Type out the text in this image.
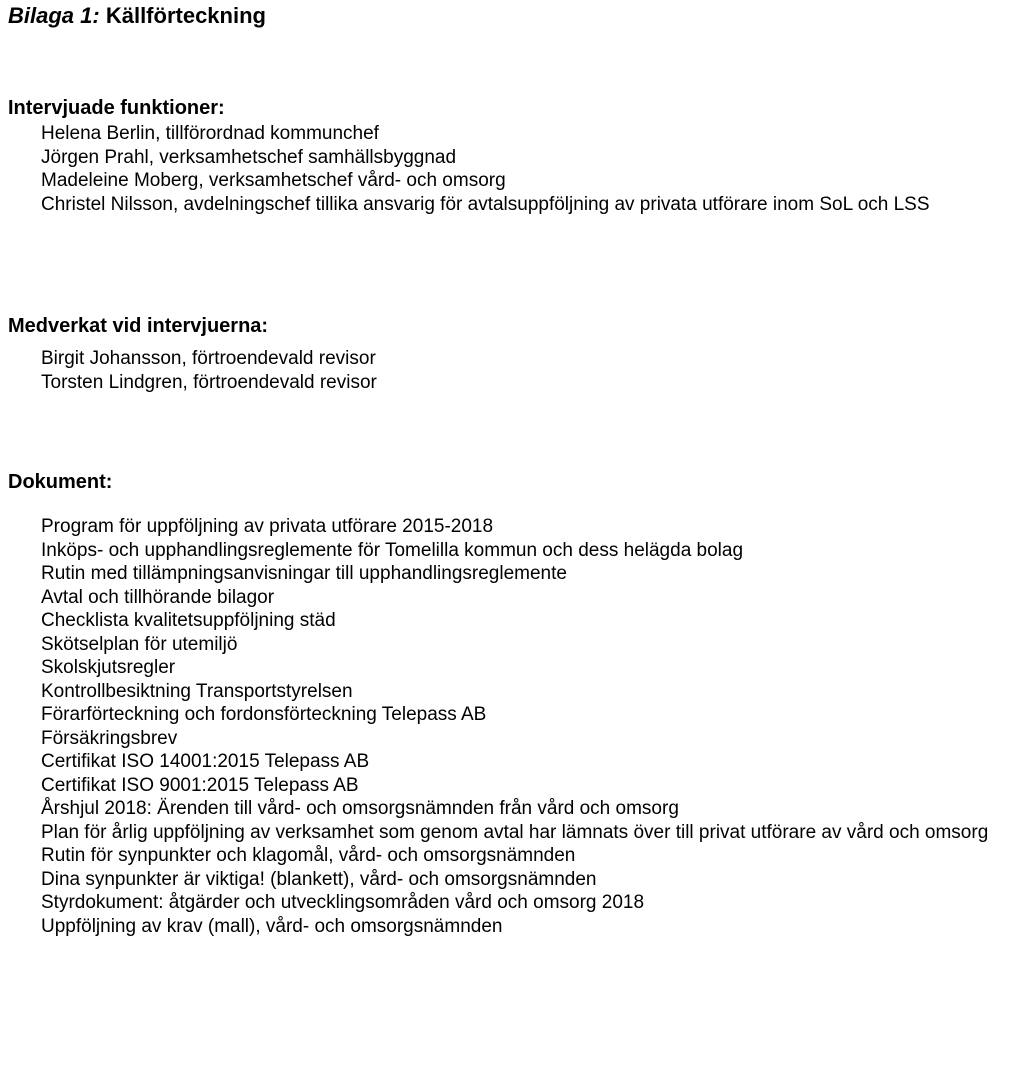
Bilaga 1: Källförteckning
Intervjuade funktioner:
Helena Berlin, tillförordnad kommunchef
Jörgen Prahl, verksamhetschef samhällsbyggnad
Madeleine Moberg, verksamhetschef vård- och omsorg
Christel Nilsson, avdelningschef tillika ansvarig för avtalsuppföljning av privata utförare inom SoL och LSS
Medverkat vid intervjuerna:
Birgit Johansson, förtroendevald revisor
Torsten Lindgren, förtroendevald revisor
Dokument:
Program för uppföljning av privata utförare 2015-2018
Inköps- och upphandlingsreglemente för Tomelilla kommun och dess helägda bolag
Rutin med tillämpningsanvisningar till upphandlingsreglemente
Avtal och tillhörande bilagor
Checklista kvalitetsuppföljning städ
Skötselplan för utemiljö
Skolskjutsregler
Kontrollbesiktning Transportstyrelsen
Förarförteckning och fordonsförteckning Telepass AB
Försäkringsbrev
Certifikat ISO 14001:2015 Telepass AB
Certifikat ISO 9001:2015 Telepass AB
Årshjul 2018: Ärenden till vård- och omsorgsnämnden från vård och omsorg
Plan för årlig uppföljning av verksamhet som genom avtal har lämnats över till privat utförare av vård och omsorg
Rutin för synpunkter och klagomål, vård- och omsorgsnämnden
Dina synpunkter är viktiga! (blankett), vård- och omsorgsnämnden
Styrdokument: åtgärder och utvecklingsområden vård och omsorg 2018
Uppföljning av krav (mall), vård- och omsorgsnämnden
